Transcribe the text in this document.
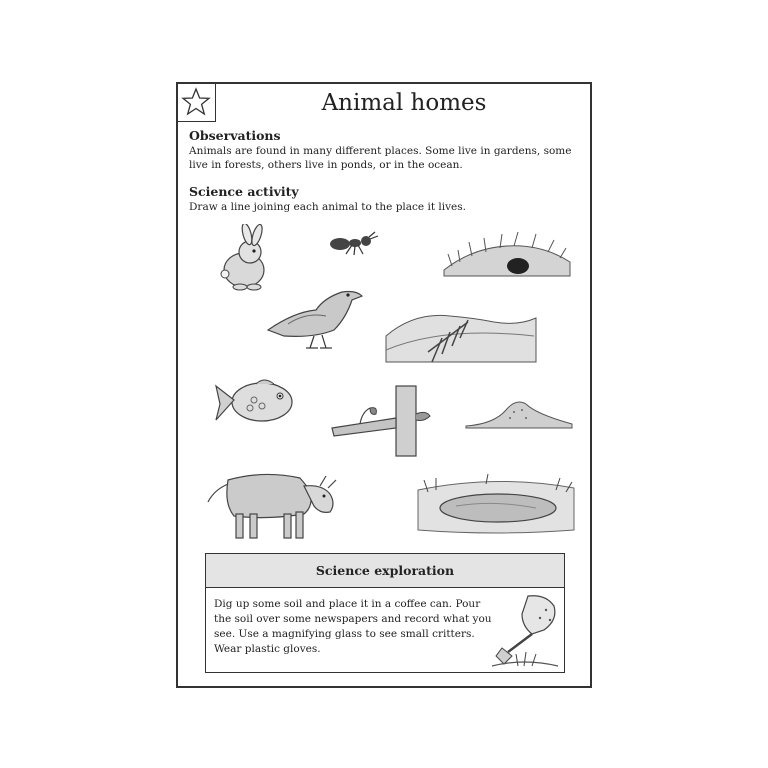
Animal homes
Observations
Animals are found in many different places. Some live in gardens, some live in forests, others live in ponds, or in the ocean.
Science activity
Draw a line joining each animal to the place it lives.
Science exploration
Dig up some soil and place it in a coffee can. Pour the soil over some newspapers and record what you see. Use a magnifying glass to see small critters. Wear plastic gloves.
